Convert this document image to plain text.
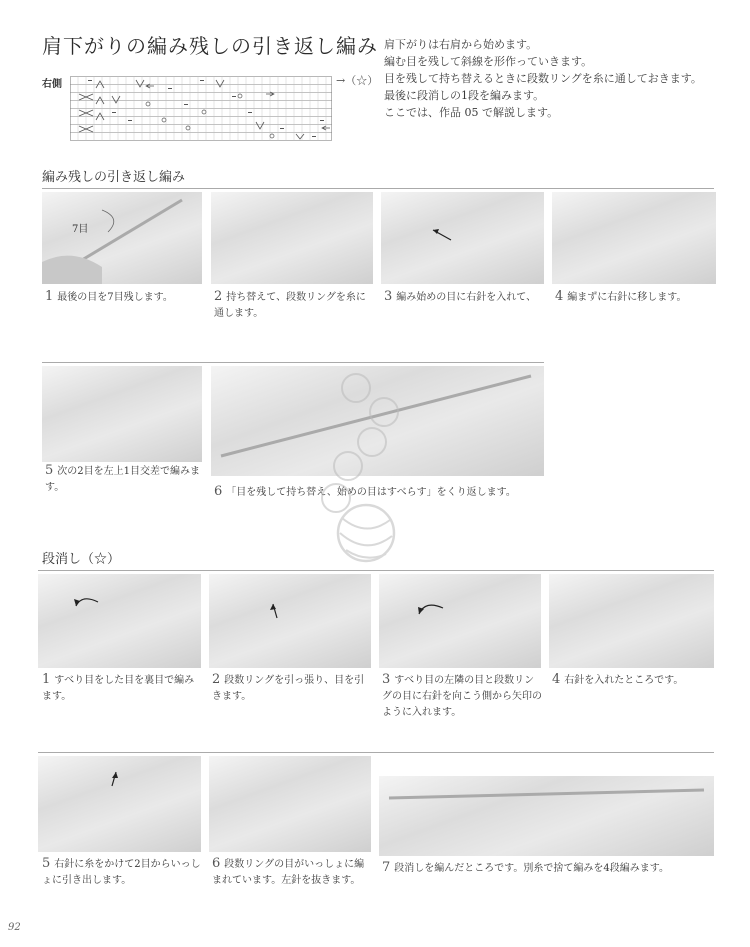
肩下がりの編み残しの引き返し編み 肩下がりは右肩から始めます。
編む目を残して斜線を形作っていきます。
目を残して持ち替えるときに段数リングを糸に通しておきます。
最後に段消しの1段を編みます。
ここでは、作品 05 で解説します。
右側	→（☆）
編み残しの引き返し編み
7目
1 最後の目を7目残します。	2 持ち替えて、段数リングを糸に通します。
3 編み始めの目に右針を入れて、	4 編まずに右針に移します。
5 次の2目を左上1目交差で編みます。	6 「目を残して持ち替え、始めの目はすべらす」をくり返します。
段消し（☆）
1 すべり目をした目を裏目で編みます。
2 段数リングを引っ張り、目を引きます。
3 すべり目の左隣の目と段数リングの目に右針を向こう側から矢印のように入れます。
4 右針を入れたところです。
5 右針に糸をかけて2目からいっしょに引き出します。
6 段数リングの目がいっしょに編まれています。左針を抜きます。
7 段消しを編んだところです。別糸で捨て編みを4段編みます。
92
